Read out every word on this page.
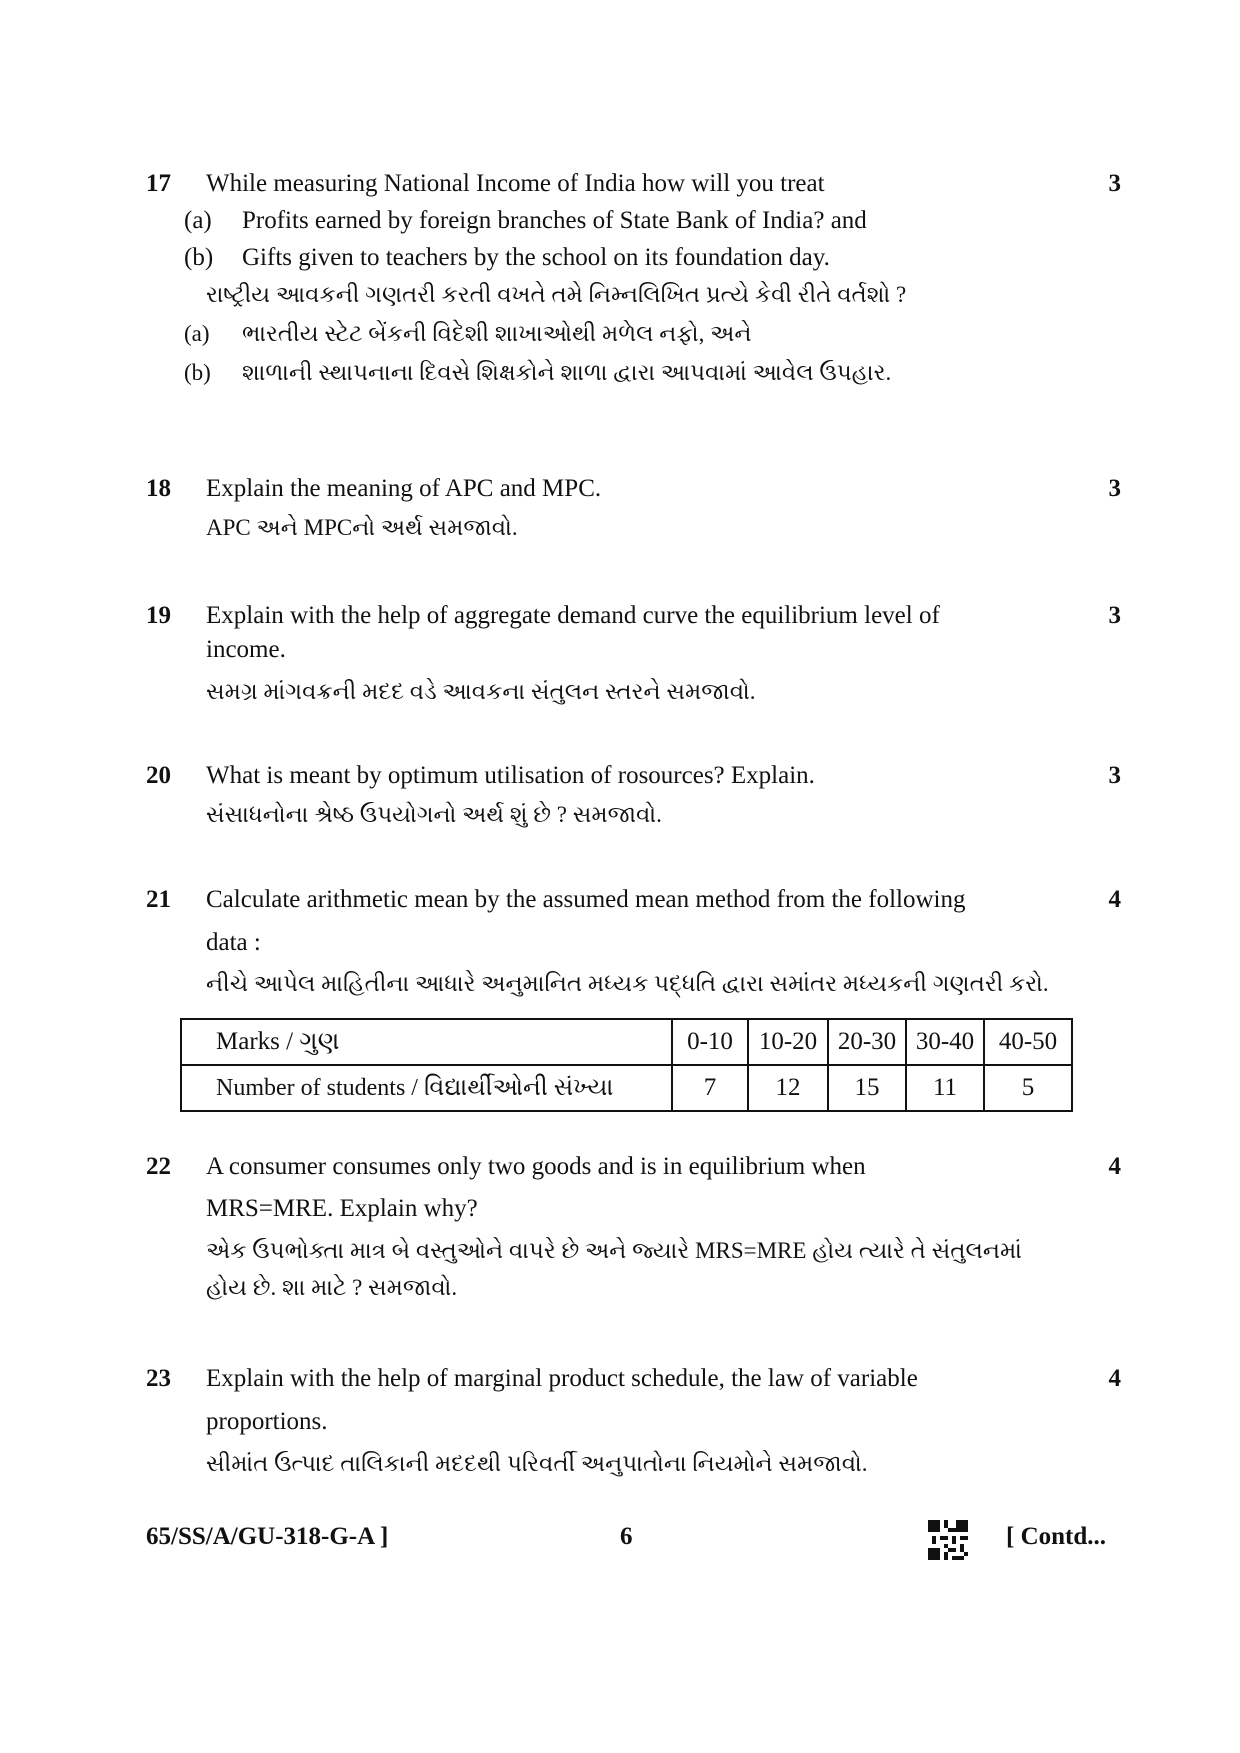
17	3
While measuring National Income of India how will you treat
(a) Profits earned by foreign branches of State Bank of India? and
(b) Gifts given to teachers by the school on its foundation day.
રાષ્ટ્રીય આવકની ગણતરી કરતી વખતે તમે નિમ્નલિખિત પ્રત્યે કેવી રીતે વર્તશો ?
(a) ભારતીય સ્ટેટ બેંકની વિદેશી શાખાઓથી મળેલ નફો, અને
(b) શાળાની સ્થાપનાના દિવસે શિક્ષકોને શાળા દ્વારા આપવામાં આવેલ ઉપહાર.
18	3
Explain the meaning of APC and MPC.
APC અને MPCનો અર્થ સમજાવો.
19	3
Explain with the help of aggregate demand curve the equilibrium level of
income.
સમગ્ર માંગવક્રની મદદ વડે આવકના સંતુલન સ્તરને સમજાવો.
20	3
What is meant by optimum utilisation of rosources? Explain.
સંસાધનોના શ્રેષ્ઠ ઉપયોગનો અર્થ શું છે ? સમજાવો.
21	4
Calculate arithmetic mean by the assumed mean method from the following
data :
નીચે આપેલ માહિતીના આધારે અનુમાનિત મધ્યક પદ્ધતિ દ્વારા સમાંતર મધ્યકની ગણતરી કરો.
Marks / ગુણ	0-10	10-20	20-30	30-40	40-50
Number of students / વિદ્યાર્થીઓની સંખ્યા	7	12	15	11	5
22	4
A consumer consumes only two goods and is in equilibrium when
MRS=MRE. Explain why?
એક ઉપભોક્તા માત્ર બે વસ્તુઓને વાપરે છે અને જ્યારે MRS=MRE હોય ત્યારે તે સંતુલનમાં
હોય છે. શા માટે ? સમજાવો.
23	4
Explain with the help of marginal product schedule, the law of variable
proportions.
સીમાંત ઉત્પાદ તાલિકાની મદદથી પરિવર્તી અનુપાતોના નિયમોને સમજાવો.
65/SS/A/GU-318-G-A ]	6	[ Contd...
